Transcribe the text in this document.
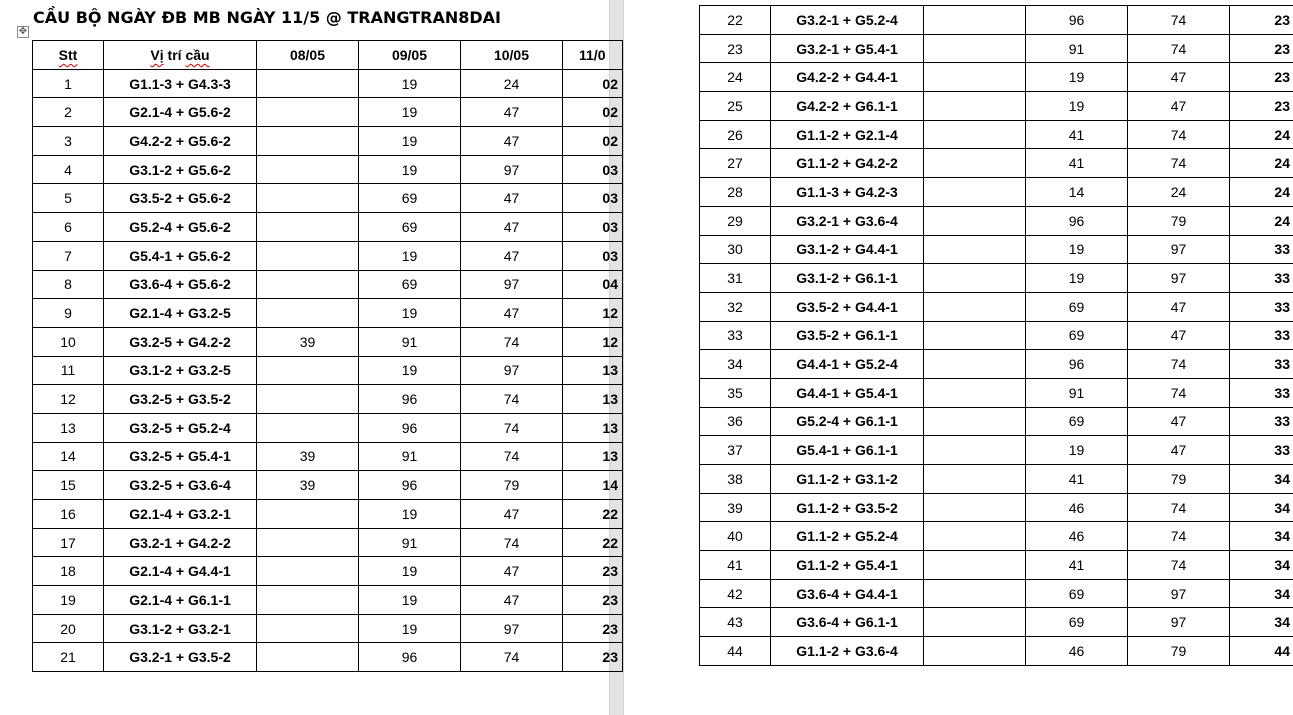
CẦU BỘ NGÀY ĐB MB NGÀY 11/5 @ TRANGTRAN8DAI
✥
Stt	Vị trí cầu	08/05	09/05	10/05	11/0
1	G1.1-3 + G4.3-3		19	24	02
2	G2.1-4 + G5.6-2		19	47	02
3	G4.2-2 + G5.6-2		19	47	02
4	G3.1-2 + G5.6-2		19	97	03
5	G3.5-2 + G5.6-2		69	47	03
6	G5.2-4 + G5.6-2		69	47	03
7	G5.4-1 + G5.6-2		19	47	03
8	G3.6-4 + G5.6-2		69	97	04
9	G2.1-4 + G3.2-5		19	47	12
10	G3.2-5 + G4.2-2	39	91	74	12
11	G3.1-2 + G3.2-5		19	97	13
12	G3.2-5 + G3.5-2		96	74	13
13	G3.2-5 + G5.2-4		96	74	13
14	G3.2-5 + G5.4-1	39	91	74	13
15	G3.2-5 + G3.6-4	39	96	79	14
16	G2.1-4 + G3.2-1		19	47	22
17	G3.2-1 + G4.2-2		91	74	22
18	G2.1-4 + G4.4-1		19	47	23
19	G2.1-4 + G6.1-1		19	47	23
20	G3.1-2 + G3.2-1		19	97	23
21	G3.2-1 + G3.5-2		96	74	23
22	G3.2-1 + G5.2-4		96	74	23
23	G3.2-1 + G5.4-1		91	74	23
24	G4.2-2 + G4.4-1		19	47	23
25	G4.2-2 + G6.1-1		19	47	23
26	G1.1-2 + G2.1-4		41	74	24
27	G1.1-2 + G4.2-2		41	74	24
28	G1.1-3 + G4.2-3		14	24	24
29	G3.2-1 + G3.6-4		96	79	24
30	G3.1-2 + G4.4-1		19	97	33
31	G3.1-2 + G6.1-1		19	97	33
32	G3.5-2 + G4.4-1		69	47	33
33	G3.5-2 + G6.1-1		69	47	33
34	G4.4-1 + G5.2-4		96	74	33
35	G4.4-1 + G5.4-1		91	74	33
36	G5.2-4 + G6.1-1		69	47	33
37	G5.4-1 + G6.1-1		19	47	33
38	G1.1-2 + G3.1-2		41	79	34
39	G1.1-2 + G3.5-2		46	74	34
40	G1.1-2 + G5.2-4		46	74	34
41	G1.1-2 + G5.4-1		41	74	34
42	G3.6-4 + G4.4-1		69	97	34
43	G3.6-4 + G6.1-1		69	97	34
44	G1.1-2 + G3.6-4		46	79	44
